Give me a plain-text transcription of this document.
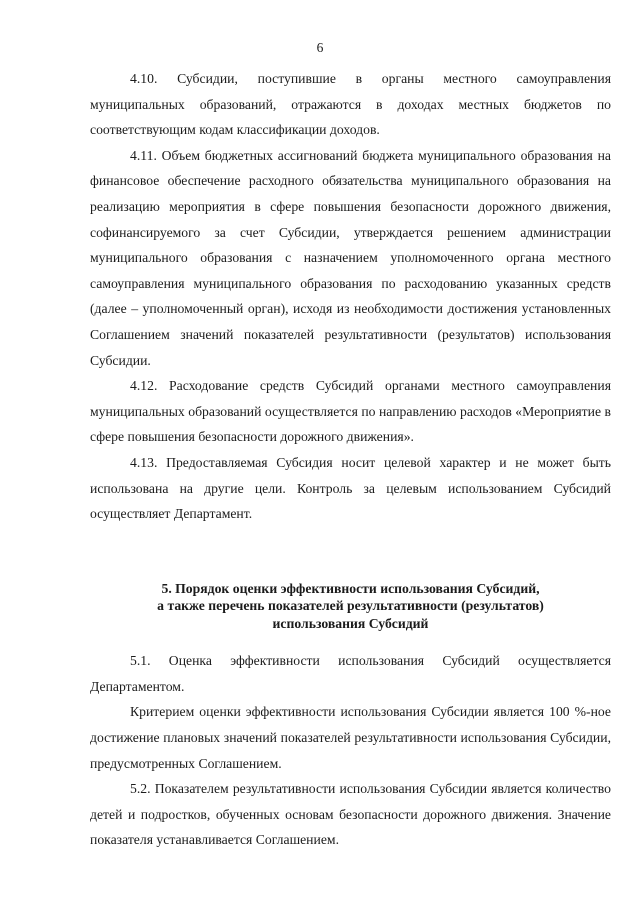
6

4.10. Субсидии, поступившие в органы местного самоуправления муниципальных образований, отражаются в доходах местных бюджетов по соответствующим кодам классификации доходов.

4.11. Объем бюджетных ассигнований бюджета муниципального образования на финансовое обеспечение расходного обязательства муниципального образования на реализацию мероприятия в сфере повышения безопасности дорожного движения, софинансируемого за счет Субсидии, утверждается решением администрации муниципального образования с назначением уполномоченного органа местного самоуправления муниципального образования по расходованию указанных средств (далее – уполномоченный орган), исходя из необходимости достижения установленных Соглашением значений показателей результативности (результатов) использования Субсидии.

4.12. Расходование средств Субсидий органами местного самоуправления муниципальных образований осуществляется по направлению расходов «Мероприятие в сфере повышения безопасности дорожного движения».

4.13. Предоставляемая Субсидия носит целевой характер и не может быть использована на другие цели. Контроль за целевым использованием Субсидий осуществляет Департамент.

5. Порядок оценки эффективности использования Субсидий,
а также перечень показателей результативности (результатов)
использования Субсидий

5.1. Оценка эффективности использования Субсидий осуществляется Департаментом.

Критерием оценки эффективности использования Субсидии является 100 %-ное достижение плановых значений показателей результативности использования Субсидии, предусмотренных Соглашением.

5.2. Показателем результативности использования Субсидии является количество детей и подростков, обученных основам безопасности дорожного движения. Значение показателя устанавливается Соглашением.
